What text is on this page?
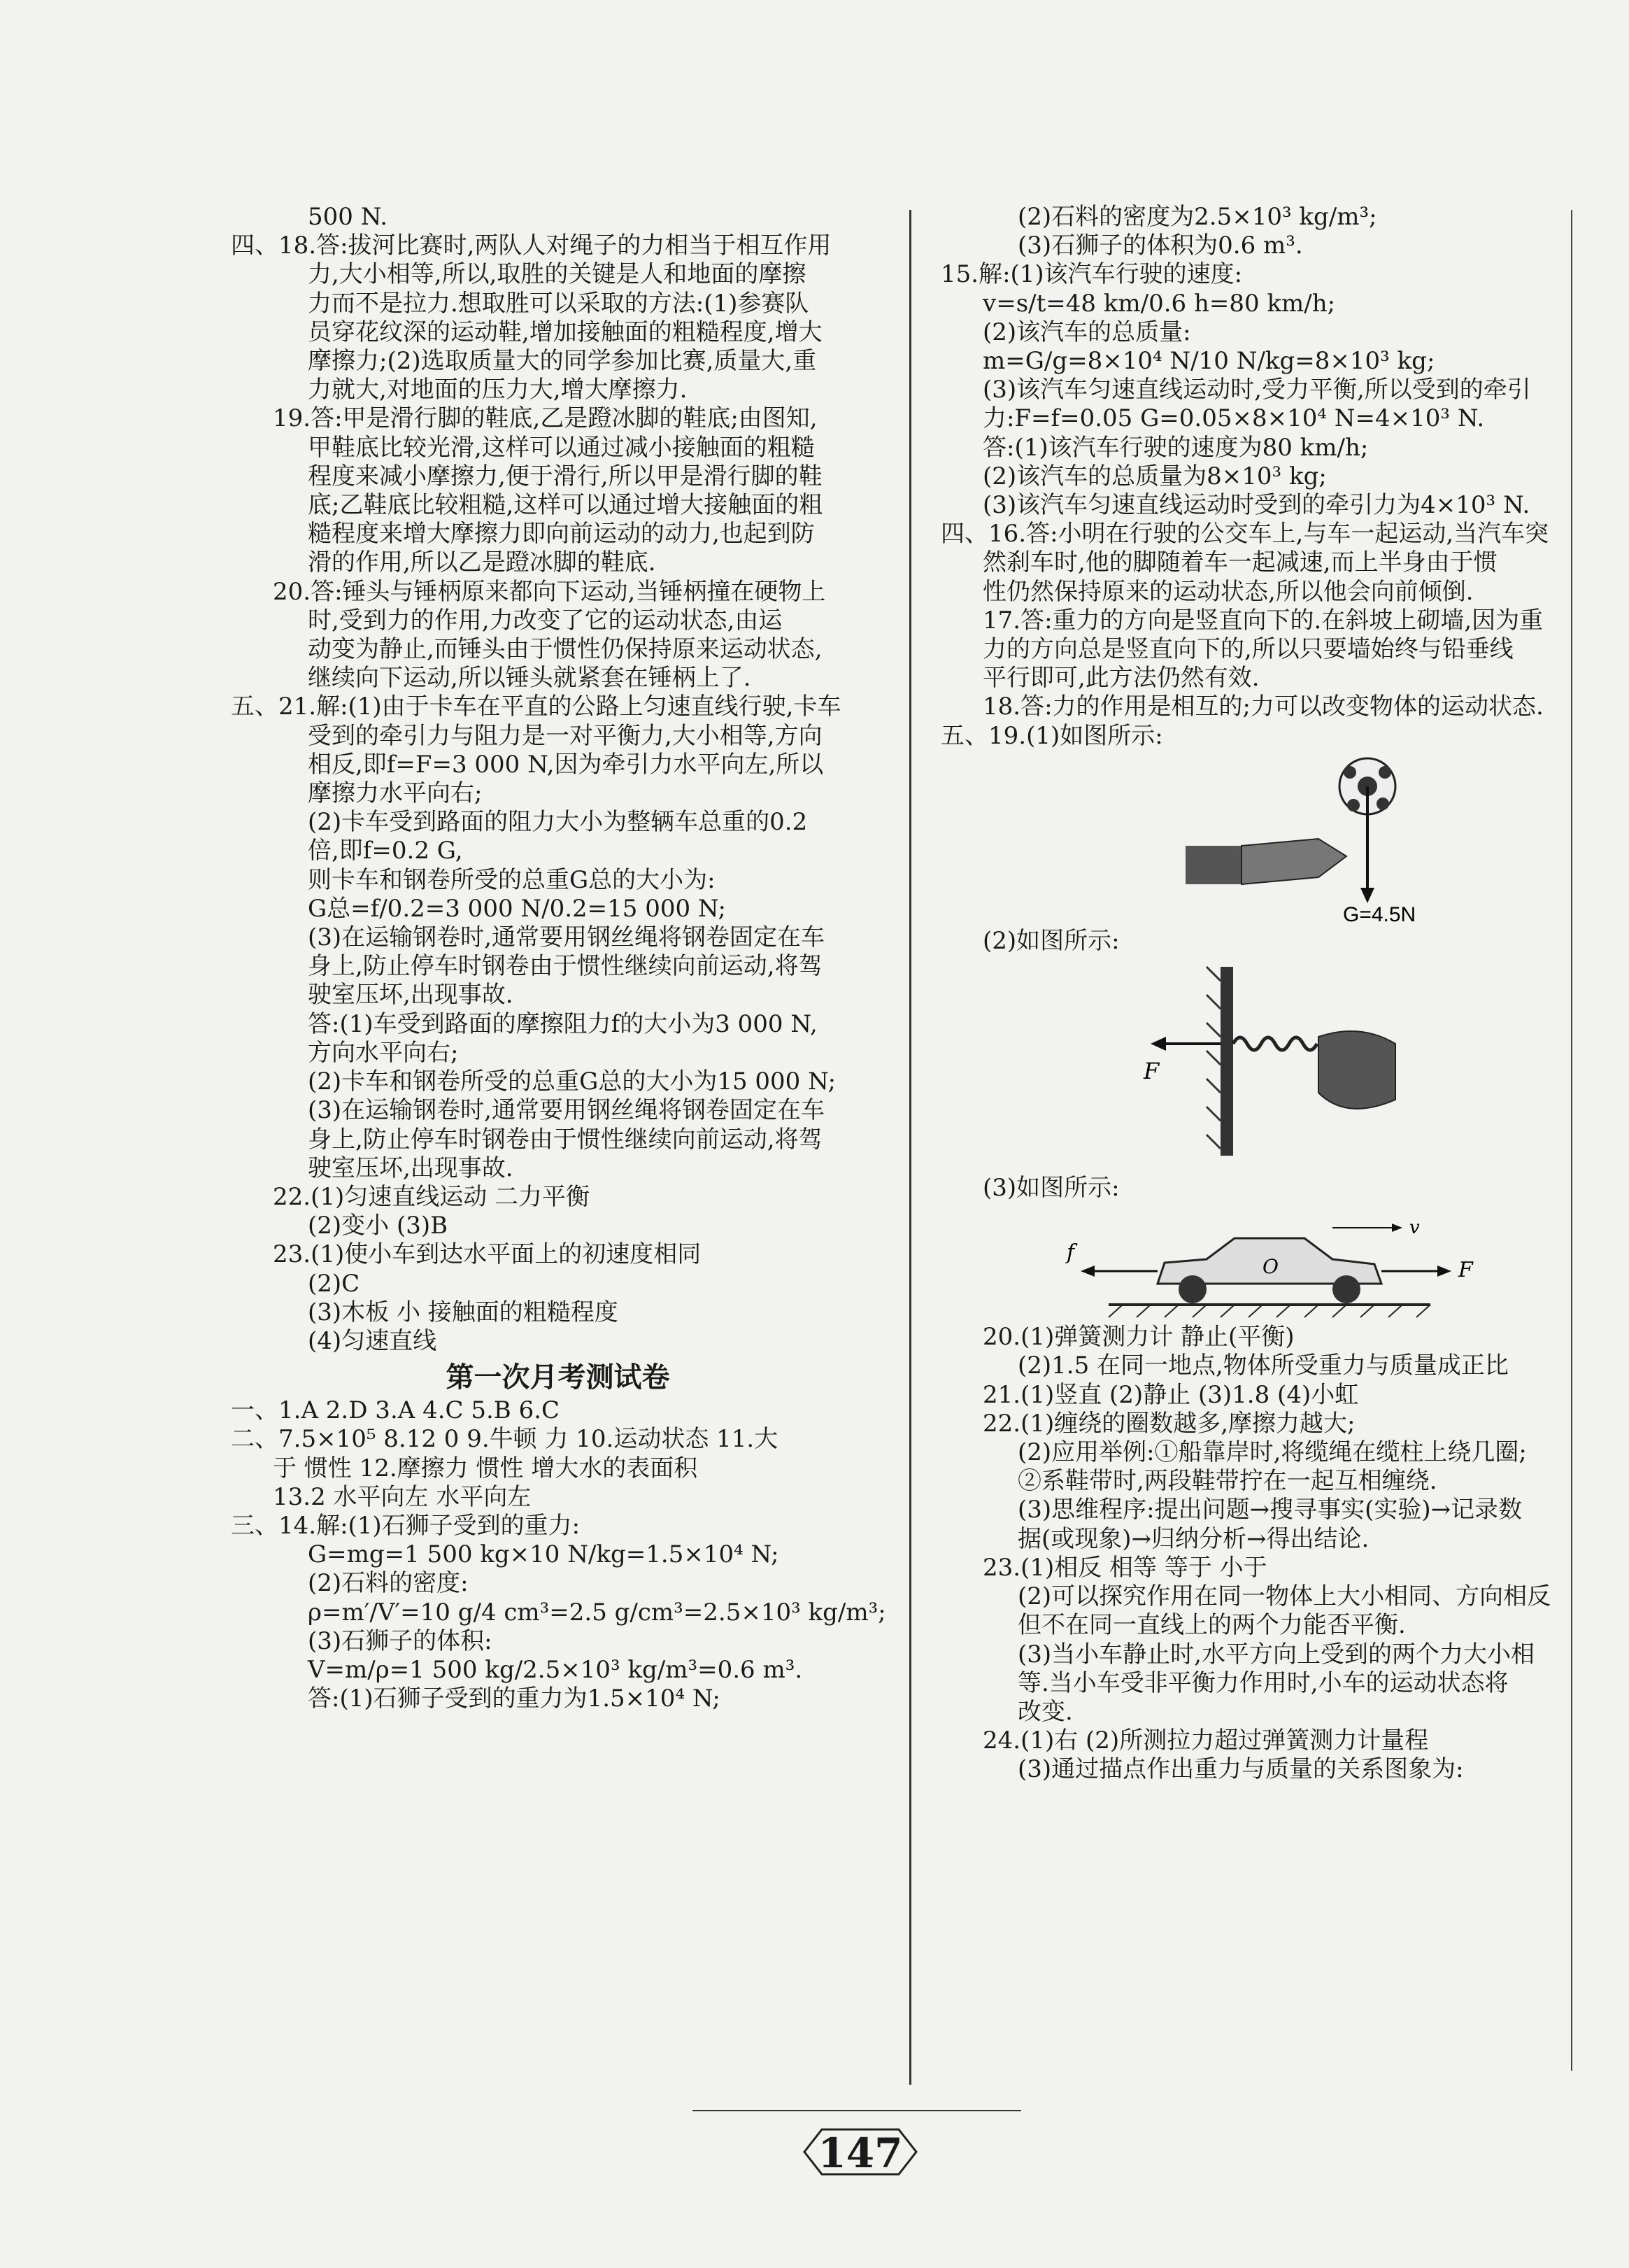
500 N.
四、18.答:拔河比赛时,两队人对绳子的力相当于相互作用
力,大小相等,所以,取胜的关键是人和地面的摩擦
力而不是拉力.想取胜可以采取的方法:(1)参赛队
员穿花纹深的运动鞋,增加接触面的粗糙程度,增大
摩擦力;(2)选取质量大的同学参加比赛,质量大,重
力就大,对地面的压力大,增大摩擦力.
19.答:甲是滑行脚的鞋底,乙是蹬冰脚的鞋底;由图知,
甲鞋底比较光滑,这样可以通过减小接触面的粗糙
程度来减小摩擦力,便于滑行,所以甲是滑行脚的鞋
底;乙鞋底比较粗糙,这样可以通过增大接触面的粗
糙程度来增大摩擦力即向前运动的动力,也起到防
滑的作用,所以乙是蹬冰脚的鞋底.
20.答:锤头与锤柄原来都向下运动,当锤柄撞在硬物上
时,受到力的作用,力改变了它的运动状态,由运
动变为静止,而锤头由于惯性仍保持原来运动状态,
继续向下运动,所以锤头就紧套在锤柄上了.
五、21.解:(1)由于卡车在平直的公路上匀速直线行驶,卡车
受到的牵引力与阻力是一对平衡力,大小相等,方向
相反,即f=F=3 000 N,因为牵引力水平向左,所以
摩擦力水平向右;
(2)卡车受到路面的阻力大小为整辆车总重的0.2
倍,即f=0.2 G,
则卡车和钢卷所受的总重G总的大小为:
G总=f/0.2=3 000 N/0.2=15 000 N;
(3)在运输钢卷时,通常要用钢丝绳将钢卷固定在车
身上,防止停车时钢卷由于惯性继续向前运动,将驾
驶室压坏,出现事故.
答:(1)车受到路面的摩擦阻力f的大小为3 000 N,
方向水平向右;
(2)卡车和钢卷所受的总重G总的大小为15 000 N;
(3)在运输钢卷时,通常要用钢丝绳将钢卷固定在车
身上,防止停车时钢卷由于惯性继续向前运动,将驾
驶室压坏,出现事故.
22.(1)匀速直线运动 二力平衡
(2)变小 (3)B
23.(1)使小车到达水平面上的初速度相同
(2)C
(3)木板 小 接触面的粗糙程度
(4)匀速直线
第一次月考测试卷
一、1.A 2.D 3.A 4.C 5.B 6.C
二、7.5×10⁵ 8.12 0 9.牛顿 力 10.运动状态 11.大
于 惯性 12.摩擦力 惯性 增大水的表面积
13.2 水平向左 水平向左
三、14.解:(1)石狮子受到的重力:
G=mg=1 500 kg×10 N/kg=1.5×10⁴ N;
(2)石料的密度:
ρ=m′/V′=10 g/4 cm³=2.5 g/cm³=2.5×10³ kg/m³;
(3)石狮子的体积:
V=m/ρ=1 500 kg/2.5×10³ kg/m³=0.6 m³.
答:(1)石狮子受到的重力为1.5×10⁴ N;
(2)石料的密度为2.5×10³ kg/m³;
(3)石狮子的体积为0.6 m³.
15.解:(1)该汽车行驶的速度:
v=s/t=48 km/0.6 h=80 km/h;
(2)该汽车的总质量:
m=G/g=8×10⁴ N/10 N/kg=8×10³ kg;
(3)该汽车匀速直线运动时,受力平衡,所以受到的牵引
力:F=f=0.05 G=0.05×8×10⁴ N=4×10³ N.
答:(1)该汽车行驶的速度为80 km/h;
(2)该汽车的总质量为8×10³ kg;
(3)该汽车匀速直线运动时受到的牵引力为4×10³ N.
四、16.答:小明在行驶的公交车上,与车一起运动,当汽车突
然刹车时,他的脚随着车一起减速,而上半身由于惯
性仍然保持原来的运动状态,所以他会向前倾倒.
17.答:重力的方向是竖直向下的.在斜坡上砌墙,因为重
力的方向总是竖直向下的,所以只要墙始终与铅垂线
平行即可,此方法仍然有效.
18.答:力的作用是相互的;力可以改变物体的运动状态.
五、19.(1)如图所示:
G=4.5N
(2)如图所示:
F
(3)如图所示:
f
O	F
v
20.(1)弹簧测力计 静止(平衡)
(2)1.5 在同一地点,物体所受重力与质量成正比
21.(1)竖直 (2)静止 (3)1.8 (4)小虹
22.(1)缠绕的圈数越多,摩擦力越大;
(2)应用举例:①船靠岸时,将缆绳在缆柱上绕几圈;
②系鞋带时,两段鞋带拧在一起互相缠绕.
(3)思维程序:提出问题→搜寻事实(实验)→记录数
据(或现象)→归纳分析→得出结论.
23.(1)相反 相等 等于 小于
(2)可以探究作用在同一物体上大小相同、方向相反
但不在同一直线上的两个力能否平衡.
(3)当小车静止时,水平方向上受到的两个力大小相
等.当小车受非平衡力作用时,小车的运动状态将
改变.
24.(1)右 (2)所测拉力超过弹簧测力计量程
(3)通过描点作出重力与质量的关系图象为:
147
